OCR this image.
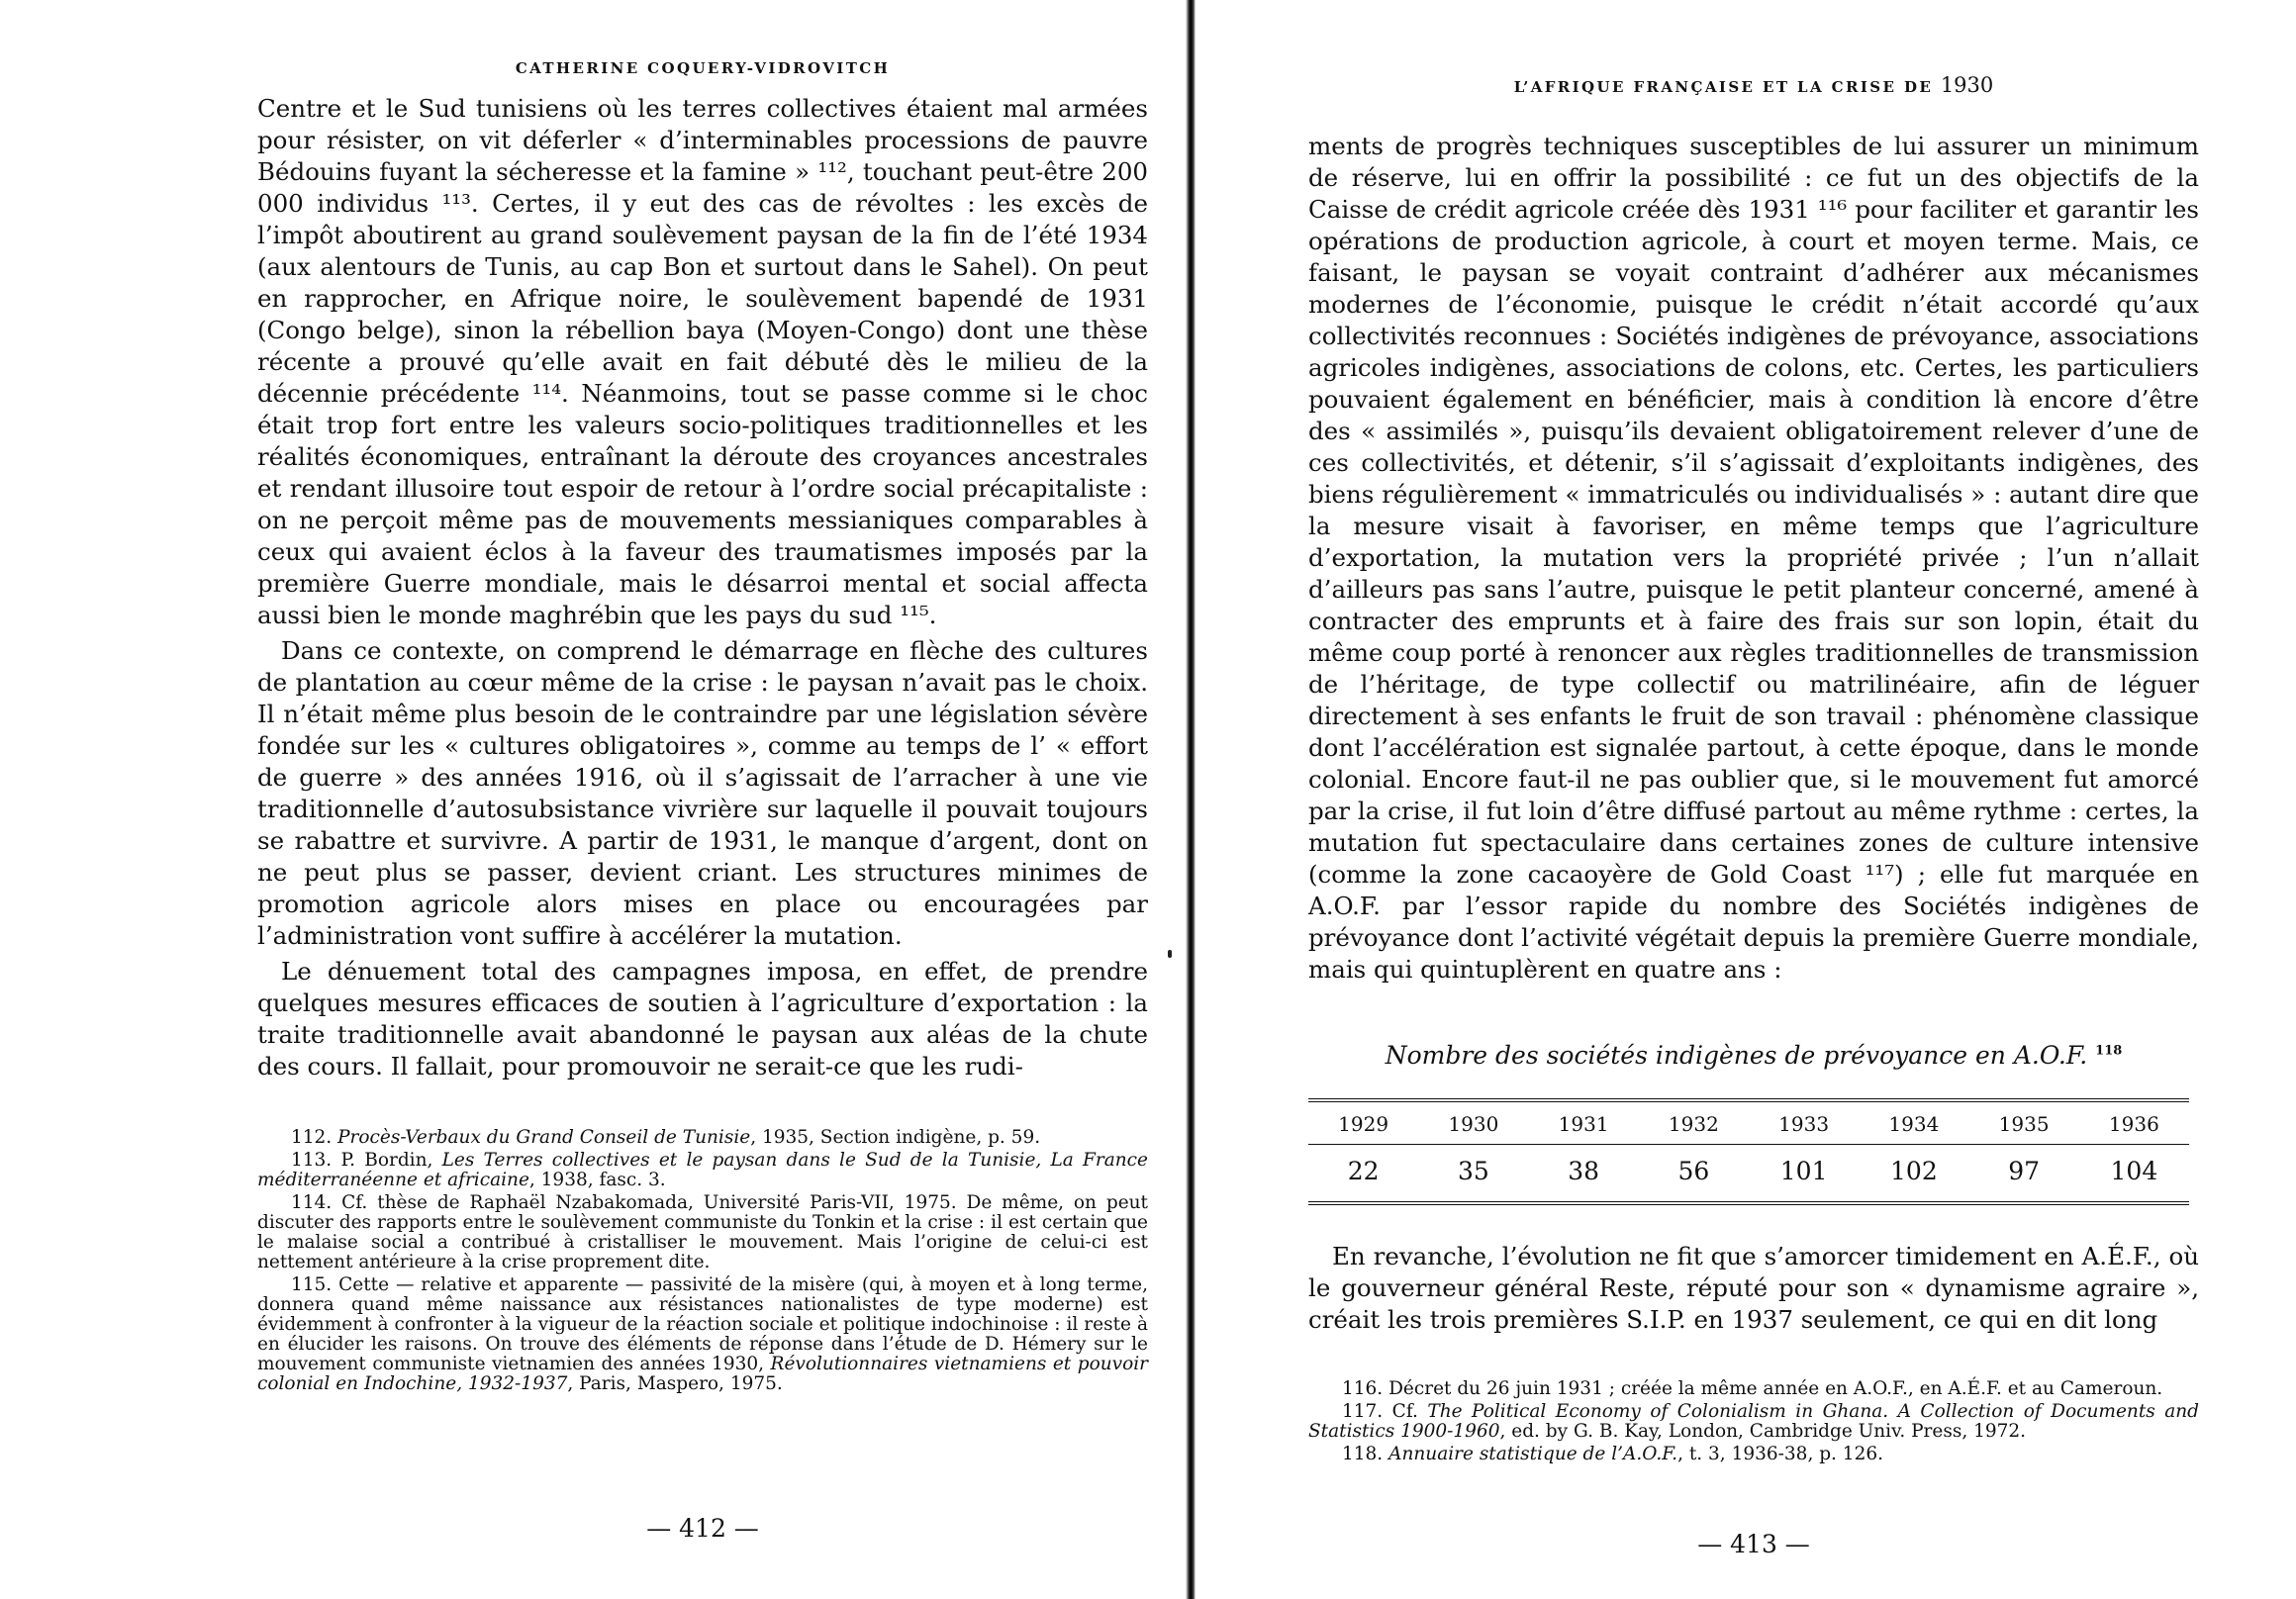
CATHERINE COQUERY-VIDROVITCH

Centre et le Sud tunisiens où les terres collectives étaient mal armées pour résister, on vit déferler « d’interminables processions de pauvre Bédouins fuyant la sécheresse et la famine » ¹¹², touchant peut-être 200 000 individus ¹¹³. Certes, il y eut des cas de révoltes : les excès de l’impôt aboutirent au grand soulèvement paysan de la fin de l’été 1934 (aux alentours de Tunis, au cap Bon et surtout dans le Sahel). On peut en rapprocher, en Afrique noire, le soulèvement bapendé de 1931 (Congo belge), sinon la rébellion baya (Moyen-Congo) dont une thèse récente a prouvé qu’elle avait en fait débuté dès le milieu de la décennie précédente ¹¹⁴. Néanmoins, tout se passe comme si le choc était trop fort entre les valeurs socio-politiques traditionnelles et les réalités économiques, entraînant la déroute des croyances ancestrales et rendant illusoire tout espoir de retour à l’ordre social précapitaliste : on ne perçoit même pas de mouvements messianiques comparables à ceux qui avaient éclos à la faveur des traumatismes imposés par la première Guerre mondiale, mais le désarroi mental et social affecta aussi bien le monde maghrébin que les pays du sud ¹¹⁵.

Dans ce contexte, on comprend le démarrage en flèche des cultures de plantation au cœur même de la crise : le paysan n’avait pas le choix. Il n’était même plus besoin de le contraindre par une législation sévère fondée sur les « cultures obligatoires », comme au temps de l’ « effort de guerre » des années 1916, où il s’agissait de l’arracher à une vie traditionnelle d’autosubsistance vivrière sur laquelle il pouvait toujours se rabattre et survivre. A partir de 1931, le manque d’argent, dont on ne peut plus se passer, devient criant. Les structures minimes de promotion agricole alors mises en place ou encouragées par l’administration vont suffire à accélérer la mutation.

Le dénuement total des campagnes imposa, en effet, de prendre quelques mesures efficaces de soutien à l’agriculture d’exportation : la traite traditionnelle avait abandonné le paysan aux aléas de la chute des cours. Il fallait, pour promouvoir ne serait-ce que les rudi-

112. Procès-Verbaux du Grand Conseil de Tunisie, 1935, Section indigène, p. 59.

113. P. Bordin, Les Terres collectives et le paysan dans le Sud de la Tunisie, La France méditerranéenne et africaine, 1938, fasc. 3.

114. Cf. thèse de Raphaël Nzabakomada, Université Paris-VII, 1975. De même, on peut discuter des rapports entre le soulèvement communiste du Tonkin et la crise : il est certain que le malaise social a contribué à cristalliser le mouvement. Mais l’origine de celui-ci est nettement antérieure à la crise proprement dite.

115. Cette — relative et apparente — passivité de la misère (qui, à moyen et à long terme, donnera quand même naissance aux résistances nationalistes de type moderne) est évidemment à confronter à la vigueur de la réaction sociale et politique indochinoise : il reste à en élucider les raisons. On trouve des éléments de réponse dans l’étude de D. Hémery sur le mouvement communiste vietnamien des années 1930, Révolutionnaires vietnamiens et pouvoir colonial en Indochine, 1932-1937, Paris, Maspero, 1975.

— 412 —
L’AFRIQUE FRANÇAISE ET LA CRISE DE 1930

ments de progrès techniques susceptibles de lui assurer un minimum de réserve, lui en offrir la possibilité : ce fut un des objectifs de la Caisse de crédit agricole créée dès 1931 ¹¹⁶ pour faciliter et garantir les opérations de production agricole, à court et moyen terme. Mais, ce faisant, le paysan se voyait contraint d’adhérer aux mécanismes modernes de l’économie, puisque le crédit n’était accordé qu’aux collectivités reconnues : Sociétés indigènes de prévoyance, associations agricoles indigènes, associations de colons, etc. Certes, les particuliers pouvaient également en bénéficier, mais à condition là encore d’être des « assimilés », puisqu’ils devaient obligatoirement relever d’une de ces collectivités, et détenir, s’il s’agissait d’exploitants indigènes, des biens régulièrement « immatriculés ou individualisés » : autant dire que la mesure visait à favoriser, en même temps que l’agriculture d’exportation, la mutation vers la propriété privée ; l’un n’allait d’ailleurs pas sans l’autre, puisque le petit planteur concerné, amené à contracter des emprunts et à faire des frais sur son lopin, était du même coup porté à renoncer aux règles traditionnelles de transmission de l’héritage, de type collectif ou matrilinéaire, afin de léguer directement à ses enfants le fruit de son travail : phénomène classique dont l’accélération est signalée partout, à cette époque, dans le monde colonial. Encore faut-il ne pas oublier que, si le mouvement fut amorcé par la crise, il fut loin d’être diffusé partout au même rythme : certes, la mutation fut spectaculaire dans certaines zones de culture intensive (comme la zone cacaoyère de Gold Coast ¹¹⁷) ; elle fut marquée en A.O.F. par l’essor rapide du nombre des Sociétés indigènes de prévoyance dont l’activité végétait depuis la première Guerre mondiale, mais qui quintuplèrent en quatre ans :

Nombre des sociétés indigènes de prévoyance en A.O.F. $^{118}$
1929	1930	1931	1932	1933	1934	1935	1936
22	35	38	56	101	102	97	104

En revanche, l’évolution ne fit que s’amorcer timidement en A.É.F., où le gouverneur général Reste, réputé pour son « dynamisme agraire », créait les trois premières S.I.P. en 1937 seulement, ce qui en dit long

116. Décret du 26 juin 1931 ; créée la même année en A.O.F., en A.É.F. et au Cameroun.

117. Cf. The Political Economy of Colonialism in Ghana. A Collection of Documents and Statistics 1900-1960, ed. by G. B. Kay, London, Cambridge Univ. Press, 1972.

118. Annuaire statistique de l’A.O.F., t. 3, 1936-38, p. 126.

— 413 —
